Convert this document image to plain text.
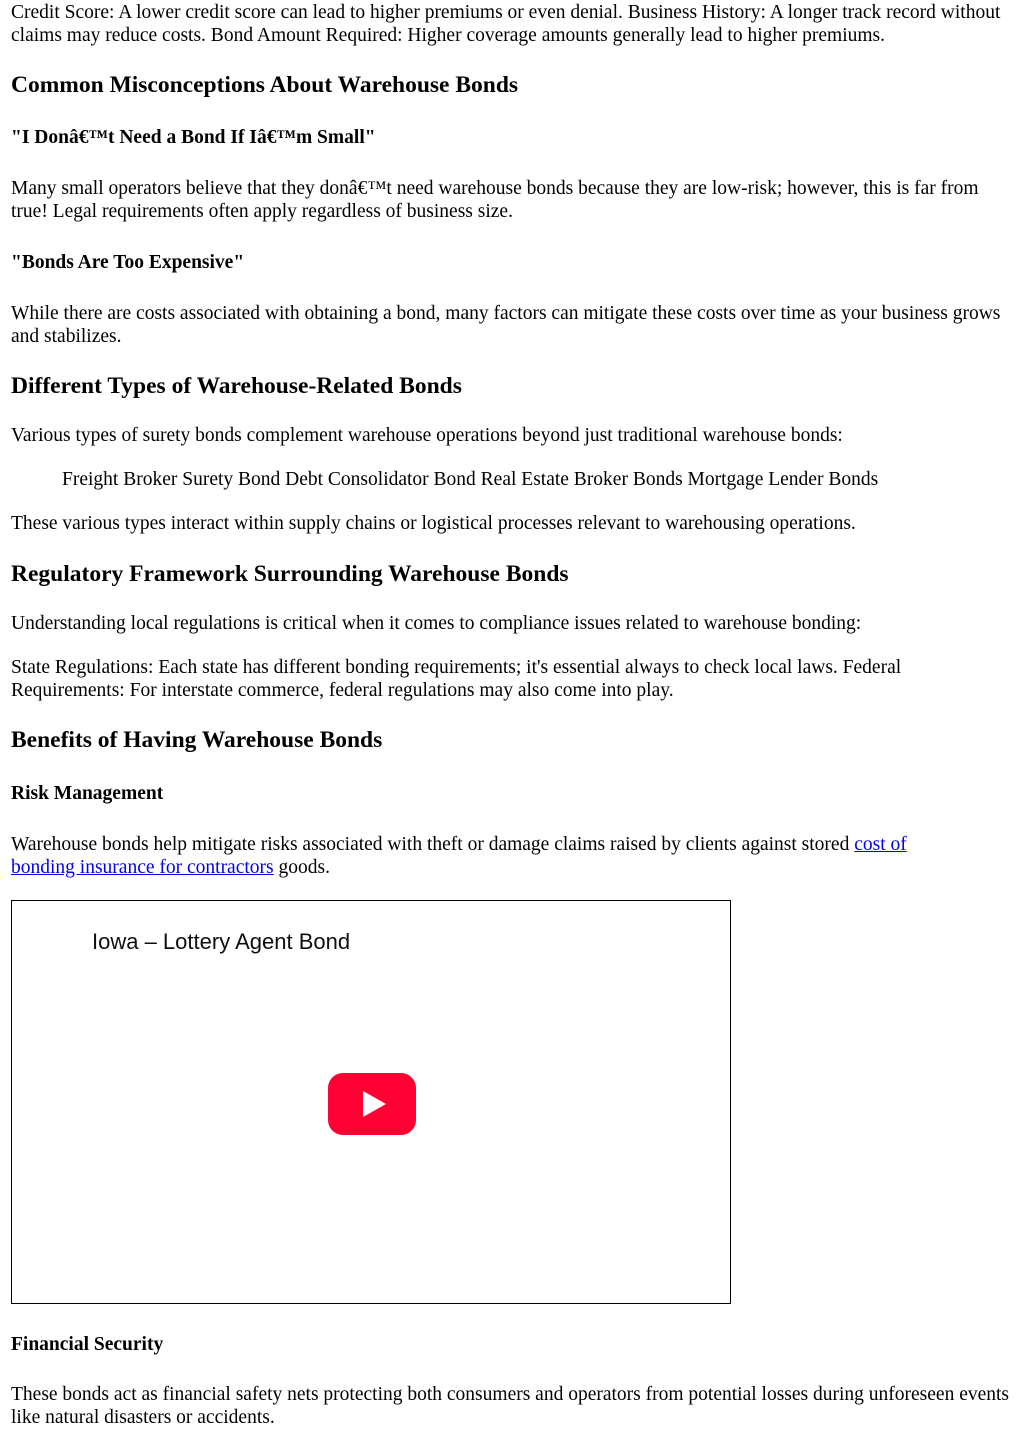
Credit Score: A lower credit score can lead to higher premiums or even denial. Business History: A longer track record without claims may reduce costs. Bond Amount Required: Higher coverage amounts generally lead to higher premiums.

Common Misconceptions About Warehouse Bonds
"I Donâ€™t Need a Bond If Iâ€™m Small"

Many small operators believe that they donâ€™t need warehouse bonds because they are low-risk; however, this is far from true! Legal requirements often apply regardless of business size.

"Bonds Are Too Expensive"

While there are costs associated with obtaining a bond, many factors can mitigate these costs over time as your business grows and stabilizes.

Different Types of Warehouse-Related Bonds

Various types of surety bonds complement warehouse operations beyond just traditional warehouse bonds:

Freight Broker Surety Bond Debt Consolidator Bond Real Estate Broker Bonds Mortgage Lender Bonds

These various types interact within supply chains or logistical processes relevant to warehousing operations.

Regulatory Framework Surrounding Warehouse Bonds

Understanding local regulations is critical when it comes to compliance issues related to warehouse bonding:

State Regulations: Each state has different bonding requirements; it's essential always to check local laws. Federal Requirements: For interstate commerce, federal regulations may also come into play.

Benefits of Having Warehouse Bonds
Risk Management

Warehouse bonds help mitigate risks associated with theft or damage claims raised by clients against stored cost of bonding insurance for contractors goods.

Iowa – Lottery Agent Bond
Financial Security

These bonds act as financial safety nets protecting both consumers and operators from potential losses during unforeseen events like natural disasters or accidents.
